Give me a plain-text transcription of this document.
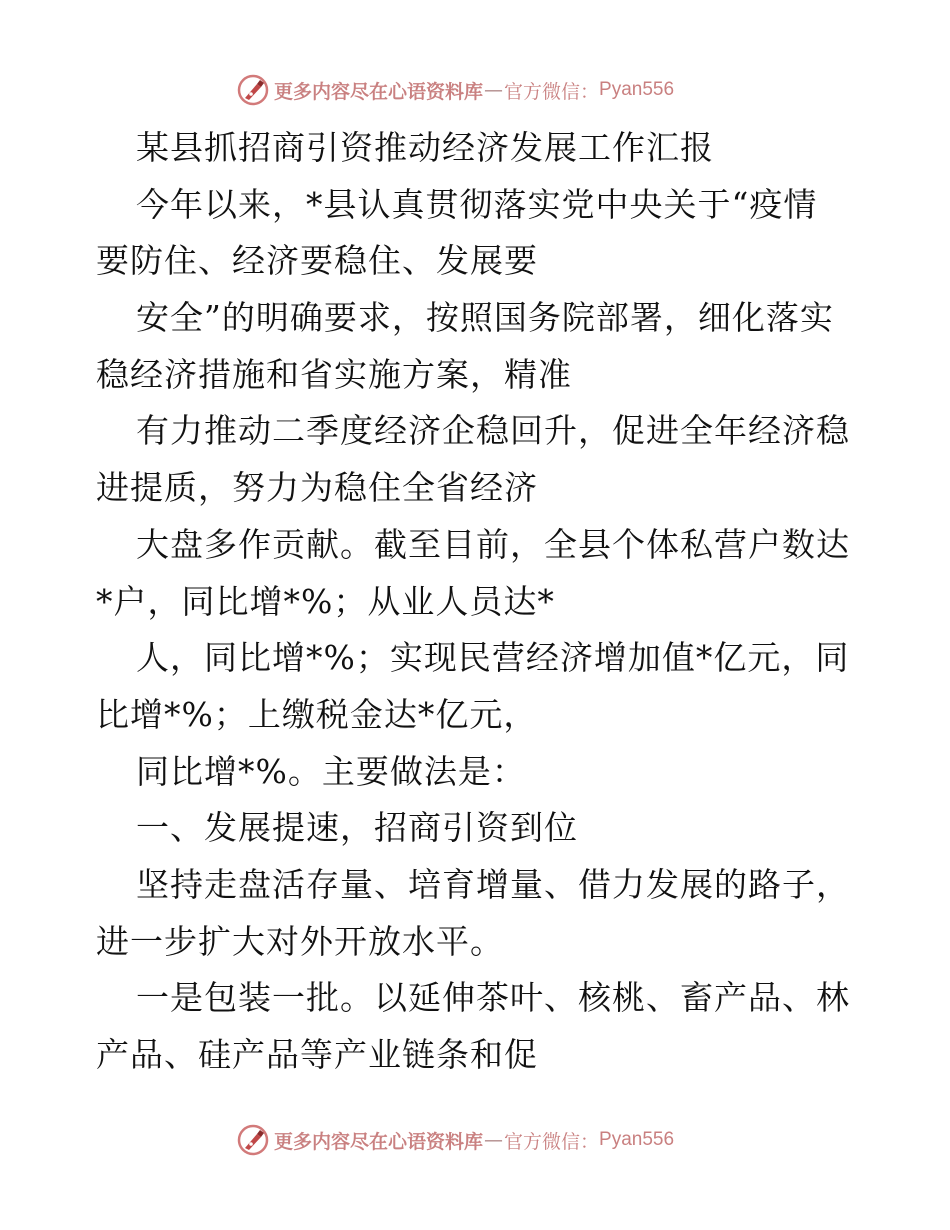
更多内容尽在心语资料库 — 官方微信： Pyan556
某县抓招商引资推动经济发展工作汇报
今年以来，*县认真贯彻落实党中央关于“疫情
要防住、经济要稳住、发展要
安全”的明确要求，按照国务院部署，细化落实
稳经济措施和省实施方案，精准
有力推动二季度经济企稳回升，促进全年经济稳
进提质，努力为稳住全省经济
大盘多作贡献。截至目前，全县个体私营户数达
*户，同比增*%；从业人员达*
人，同比增*%；实现民营经济增加值*亿元，同
比增*%；上缴税金达*亿元，
同比增*%。主要做法是：
一、发展提速，招商引资到位
坚持走盘活存量、培育增量、借力发展的路子，
进一步扩大对外开放水平。
一是包装一批。以延伸茶叶、核桃、畜产品、林
产品、硅产品等产业链条和促
更多内容尽在心语资料库 — 官方微信： Pyan556
